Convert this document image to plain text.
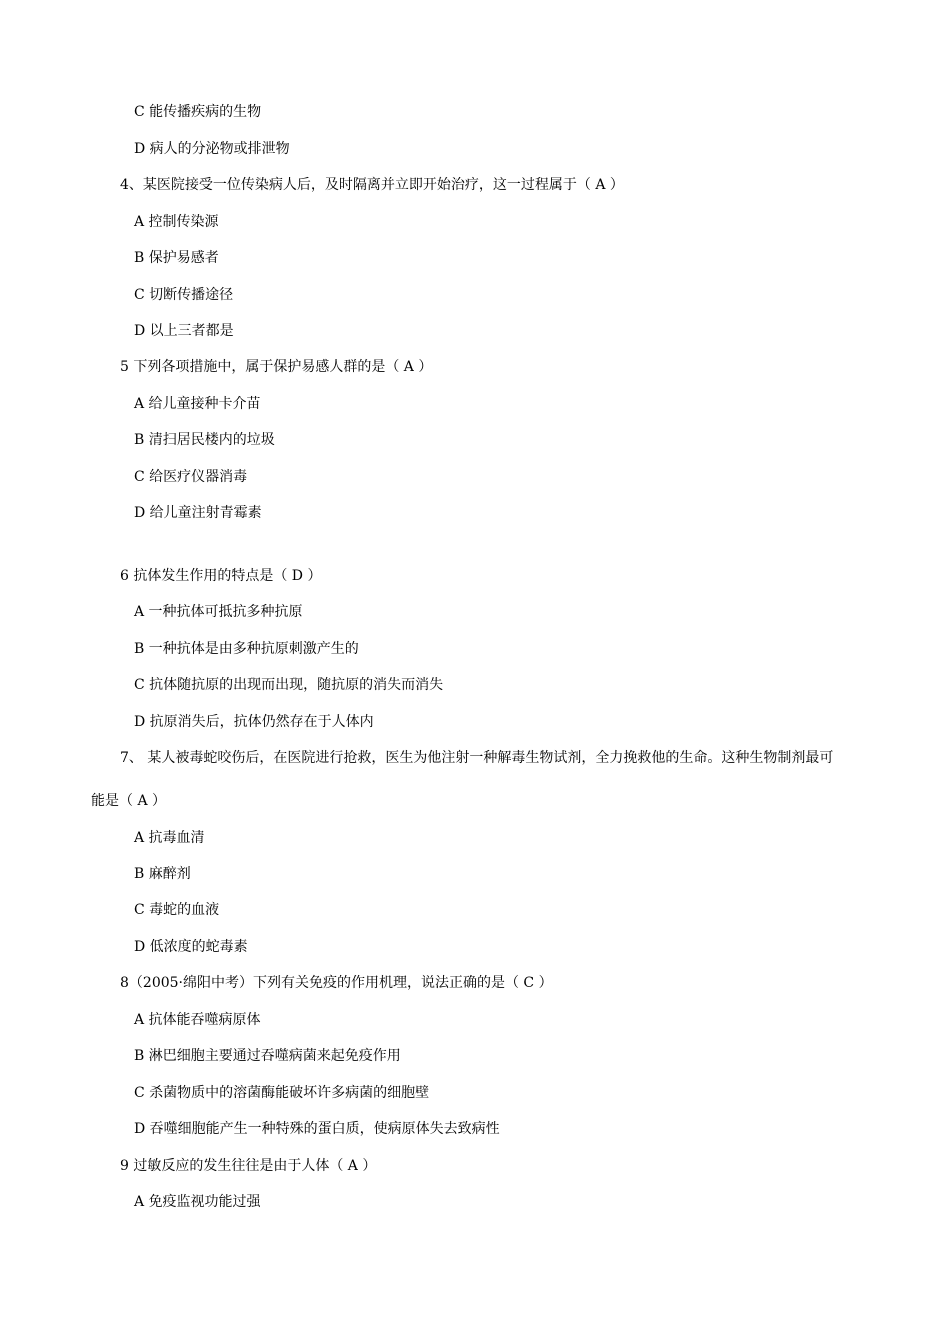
C 能传播疾病的生物
D 病人的分泌物或排泄物
4、某医院接受一位传染病人后，及时隔离并立即开始治疗，这一过程属于（ A ）
A 控制传染源
B 保护易感者
C 切断传播途径
D 以上三者都是
5 下列各项措施中，属于保护易感人群的是（ A ）
A 给儿童接种卡介苗
B 清扫居民楼内的垃圾
C 给医疗仪器消毒
D 给儿童注射青霉素
6 抗体发生作用的特点是（ D ）
A 一种抗体可抵抗多种抗原
B 一种抗体是由多种抗原刺激产生的
C 抗体随抗原的出现而出现，随抗原的消失而消失
D 抗原消失后，抗体仍然存在于人体内
7、 某人被毒蛇咬伤后，在医院进行抢救，医生为他注射一种解毒生物试剂，全力挽救他的生命。这种生物制剂最可
能是（ A ）
A 抗毒血清
B 麻醉剂
C 毒蛇的血液
D 低浓度的蛇毒素
8（2005·绵阳中考）下列有关免疫的作用机理，说法正确的是（ C ）
A 抗体能吞噬病原体
B 淋巴细胞主要通过吞噬病菌来起免疫作用
C 杀菌物质中的溶菌酶能破坏许多病菌的细胞壁
D 吞噬细胞能产生一种特殊的蛋白质，使病原体失去致病性
9 过敏反应的发生往往是由于人体（ A ）
A 免疫监视功能过强
